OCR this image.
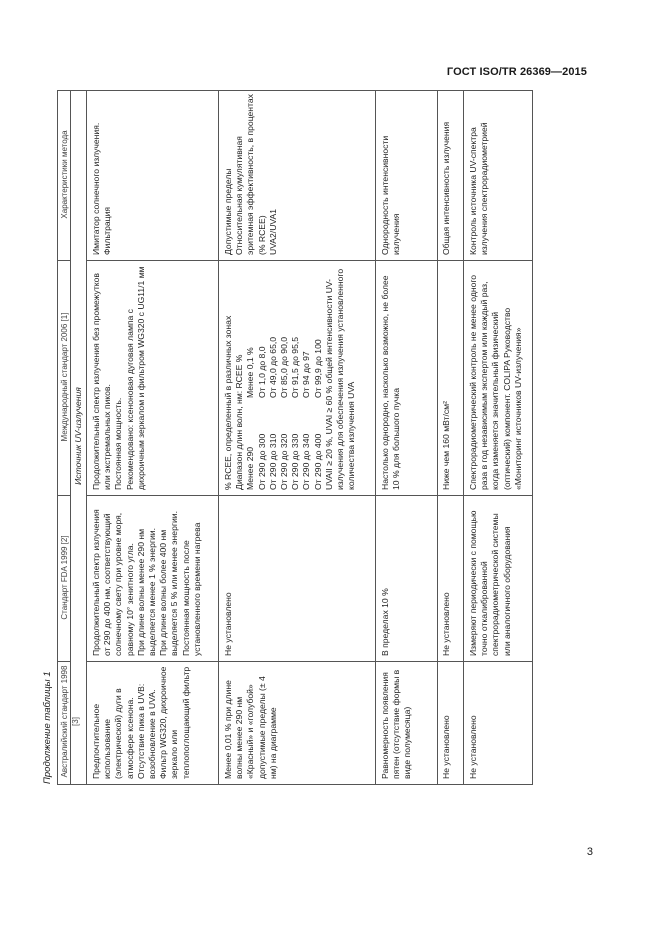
ГОСТ ISO/TR 26369—2015
Продолжение таблицы 1
Характеристики метода
Международный стандарт 2006 [1]
Стандарт FDA 1999 [2]
Австралийский стандарт 1998 [3]
Источник UV-излучения
Имитатор солнечного излучения. Фильтрация
Продолжительный спектр излучения без промежутков или экстремальных пиков. Постоянная мощность. Рекомендовано: ксеноновая дуговая лампа с дихроичным зеркалом и фильтром WG320 с UG11/1 мм
Продолжительный спектр излучения от 290 до 400 нм, соответствующий солнечному свету при уровне моря, равному 10° зенитного угла. При длине волны менее 290 нм выделяется менее 1 % энергии. При длине волны более 400 нм выделяется 5 % или менее энергии. Постоянная мощность после установленного времени нагрева
Предпочтительное использование (электрической) дуги в атмосфере ксенона. Отсутствие пика в UVB: возобновление в UVA. Фильтр WG320, дихроичное зеркало или теплопоглощающий фильтр
Допустимые пределы Относительная кумулятивная эритемная эффективность, в процентах (% RCEE) UVA2/UVA1
% RCEE, определенный в различных зонах Диапазон длин волн, нм: RCEE % Менее 290Менее 0,1 %
От 290 до 300От 1,0 до 8,0
От 290 до 310От 49,0 до 65,0
От 290 до 320От 85,0 до 90,0
От 290 до 330От 91,5 до 95,5
От 290 до 340От 94 до 97
От 290 до 400От 99,9 до 100 UVAII ≥ 20 %, UVAI ≥ 60 % общей интенсивности UV-излучения для обеспечения излучения установленного количества излучения UVA
Не установлено
Менее 0,01 % при длине волны менее 290 нм «Красный» и «голубой» допустимые пределы (± 4 нм) на диаграмме
Однородность интенсивности излучения
Настолько однородно, насколько возможно, не более 10 % для большого пучка
В пределах 10 %
Равномерность появления пятен (отсутствие формы в виде полумесяца)
Общая интенсивность излучения
Ниже чем 160 мВт/см²
Не установлено
Не установлено
Контроль источника UV-спектра излучения спектрорадиометрией
Спектрорадиометрический контроль не менее одного раза в год независимым экспертом или каждый раз, когда изменяется значительный физический (оптический) компонент. COLIPA Руководство «Мониторинг источников UV-излучения»
Измеряют периодически с помощью точно откалиброванной спектрорадиометрической системы или аналогичного оборудования
Не установлено
3
